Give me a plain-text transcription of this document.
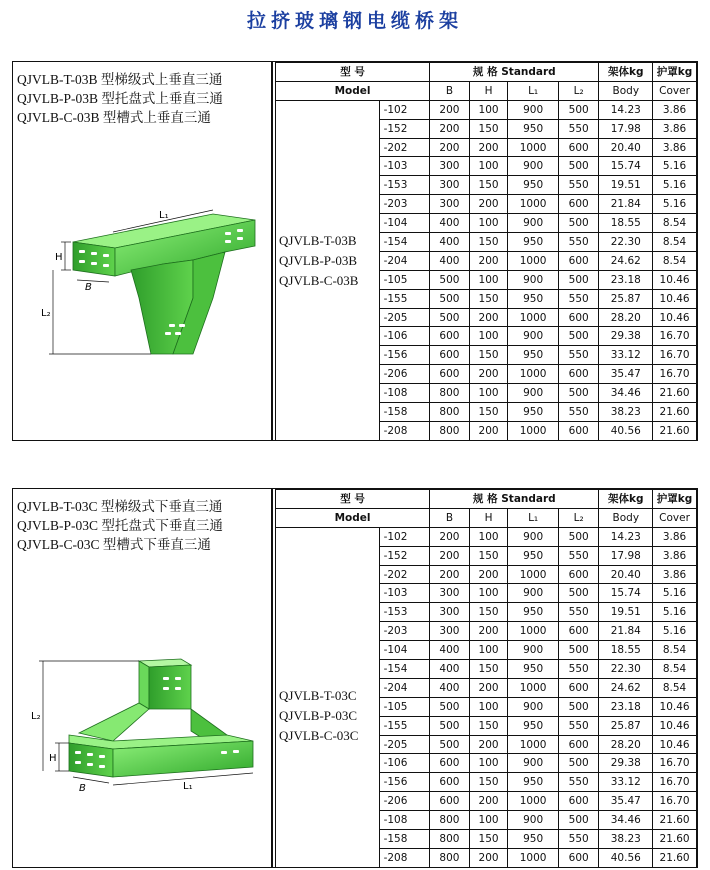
拉挤玻璃钢电缆桥架
QJVLB-T-03B 型梯级式上垂直三通
QJVLB-P-03B 型托盘式上垂直三通
QJVLB-C-03B 型槽式上垂直三通
L₁
H
L₂
B
型 号		规 格 Standard				架体kg	护罩kg
Model		B	H	L₁	L₂	Body	Cover

QJVLB-T-03B
QJVLB-P-03B
QJVLB-C-03B	-102	200	100	900	500	14.23	3.86
	-152	200	150	950	550	17.98	3.86
	-202	200	200	1000	600	20.40	3.86
	-103	300	100	900	500	15.74	5.16
	-153	300	150	950	550	19.51	5.16
	-203	300	200	1000	600	21.84	5.16
	-104	400	100	900	500	18.55	8.54
	-154	400	150	950	550	22.30	8.54
	-204	400	200	1000	600	24.62	8.54
	-105	500	100	900	500	23.18	10.46
	-155	500	150	950	550	25.87	10.46
	-205	500	200	1000	600	28.20	10.46
	-106	600	100	900	500	29.38	16.70
	-156	600	150	950	550	33.12	16.70
	-206	600	200	1000	600	35.47	16.70
	-108	800	100	900	500	34.46	21.60
	-158	800	150	950	550	38.23	21.60
	-208	800	200	1000	600	40.56	21.60
QJVLB-T-03C 型梯级式下垂直三通
QJVLB-P-03C 型托盘式下垂直三通
QJVLB-C-03C 型槽式下垂直三通
L₂
H
L₁
B
型 号		规 格 Standard				架体kg	护罩kg
Model		B	H	L₁	L₂	Body	Cover

QJVLB-T-03C
QJVLB-P-03C
QJVLB-C-03C	-102	200	100	900	500	14.23	3.86
	-152	200	150	950	550	17.98	3.86
	-202	200	200	1000	600	20.40	3.86
	-103	300	100	900	500	15.74	5.16
	-153	300	150	950	550	19.51	5.16
	-203	300	200	1000	600	21.84	5.16
	-104	400	100	900	500	18.55	8.54
	-154	400	150	950	550	22.30	8.54
	-204	400	200	1000	600	24.62	8.54
	-105	500	100	900	500	23.18	10.46
	-155	500	150	950	550	25.87	10.46
	-205	500	200	1000	600	28.20	10.46
	-106	600	100	900	500	29.38	16.70
	-156	600	150	950	550	33.12	16.70
	-206	600	200	1000	600	35.47	16.70
	-108	800	100	900	500	34.46	21.60
	-158	800	150	950	550	38.23	21.60
	-208	800	200	1000	600	40.56	21.60
